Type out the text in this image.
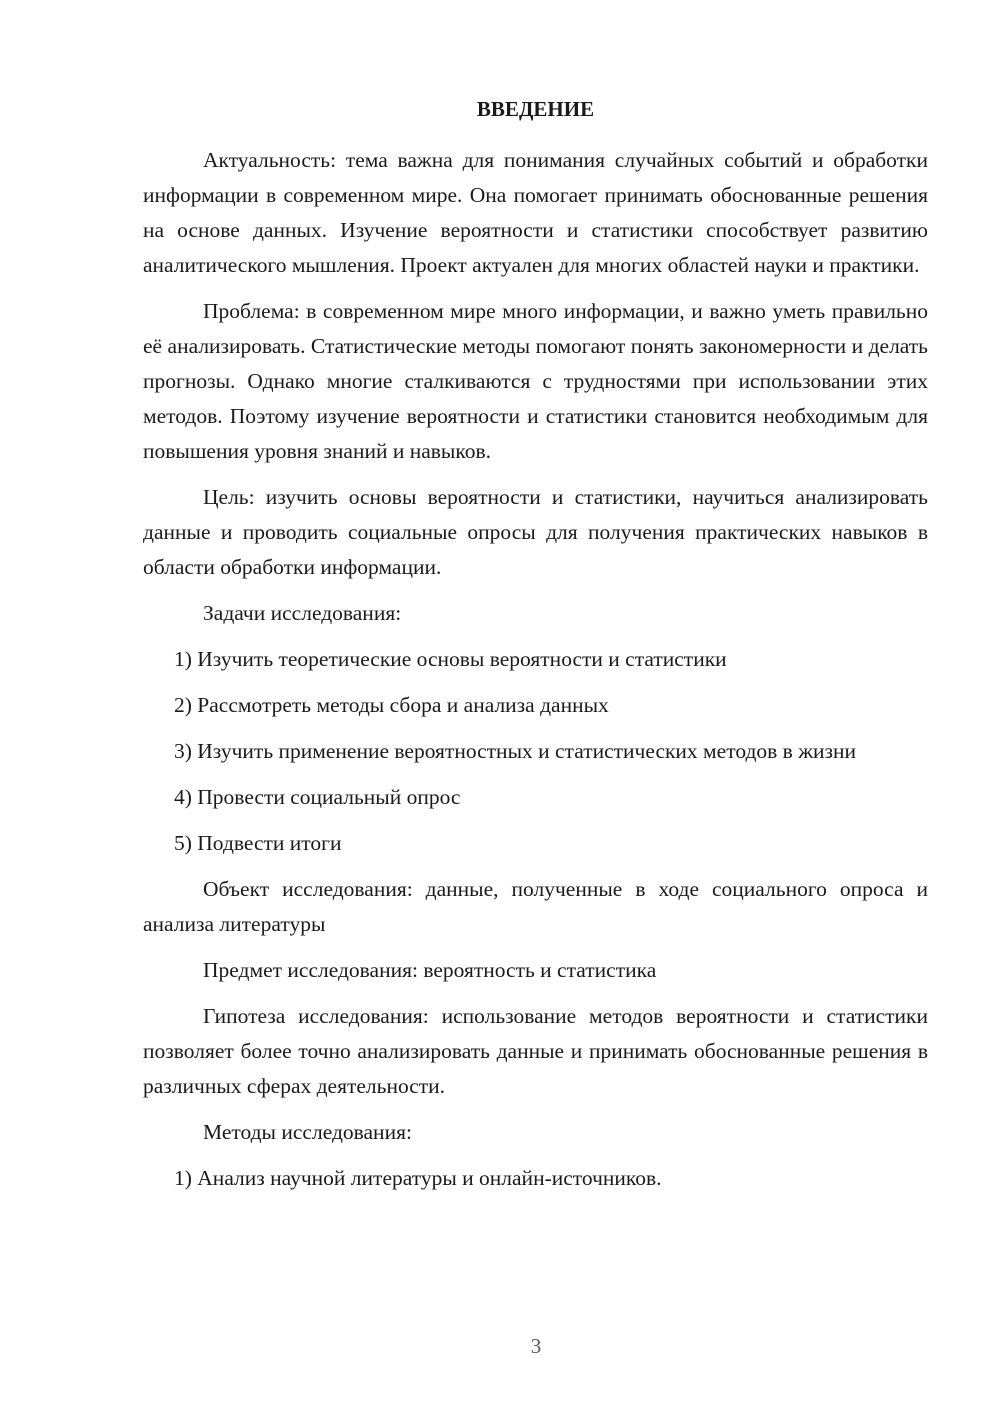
ВВЕДЕНИЕ

Актуальность: тема важна для понимания случайных событий и обработки информации в современном мире. Она помогает принимать обоснованные решения на основе данных. Изучение вероятности и статистики способствует развитию аналитического мышления. Проект актуален для многих областей науки и практики.

Проблема: в современном мире много информации, и важно уметь правильно её анализировать. Статистические методы помогают понять закономерности и делать прогнозы. Однако многие сталкиваются с трудностями при использовании этих методов. Поэтому изучение вероятности и статистики становится необходимым для повышения уровня знаний и навыков.

Цель: изучить основы вероятности и статистики, научиться анализировать данные и проводить социальные опросы для получения практических навыков в области обработки информации.

Задачи исследования:

1) Изучить теоретические основы вероятности и статистики

2) Рассмотреть методы сбора и анализа данных

3) Изучить применение вероятностных и статистических методов в жизни

4) Провести социальный опрос

5) Подвести итоги

Объект исследования: данные, полученные в ходе социального опроса и анализа литературы

Предмет исследования: вероятность и статистика

Гипотеза исследования: использование методов вероятности и статистики позволяет более точно анализировать данные и принимать обоснованные решения в различных сферах деятельности.

Методы исследования:

1) Анализ научной литературы и онлайн-источников.

3
